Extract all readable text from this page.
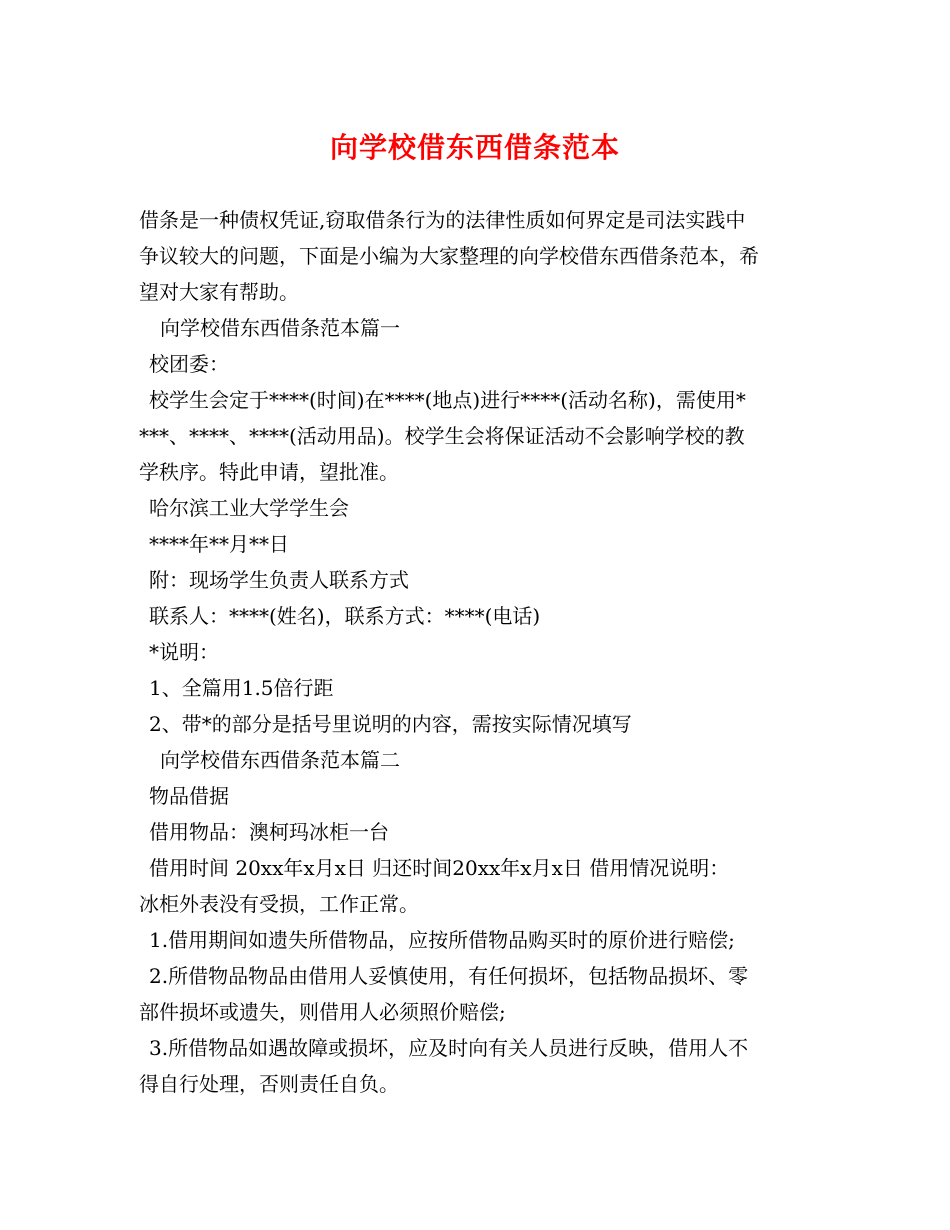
向学校借东西借条范本
借条是一种债权凭证,窃取借条行为的法律性质如何界定是司法实践中
争议较大的问题，下面是小编为大家整理的向学校借东西借条范本，希
望对大家有帮助。
向学校借东西借条范本篇一
校团委：
校学生会定于****(时间)在****(地点)进行****(活动名称)，需使用*
***、****、****(活动用品)。校学生会将保证活动不会影响学校的教
学秩序。特此申请，望批准。
哈尔滨工业大学学生会
****年**月**日
附：现场学生负责人联系方式
联系人：****(姓名)，联系方式：****(电话)
*说明：
1、全篇用1.5倍行距
2、带*的部分是括号里说明的内容，需按实际情况填写
向学校借东西借条范本篇二
物品借据
借用物品：澳柯玛冰柜一台
借用时间 20xx年x月x日 归还时间20xx年x月x日 借用情况说明：
冰柜外表没有受损，工作正常。
1.借用期间如遗失所借物品，应按所借物品购买时的原价进行赔偿;
2.所借物品物品由借用人妥慎使用，有任何损坏，包括物品损坏、零
部件损坏或遗失，则借用人必须照价赔偿;
3.所借物品如遇故障或损坏，应及时向有关人员进行反映，借用人不
得自行处理，否则责任自负。
